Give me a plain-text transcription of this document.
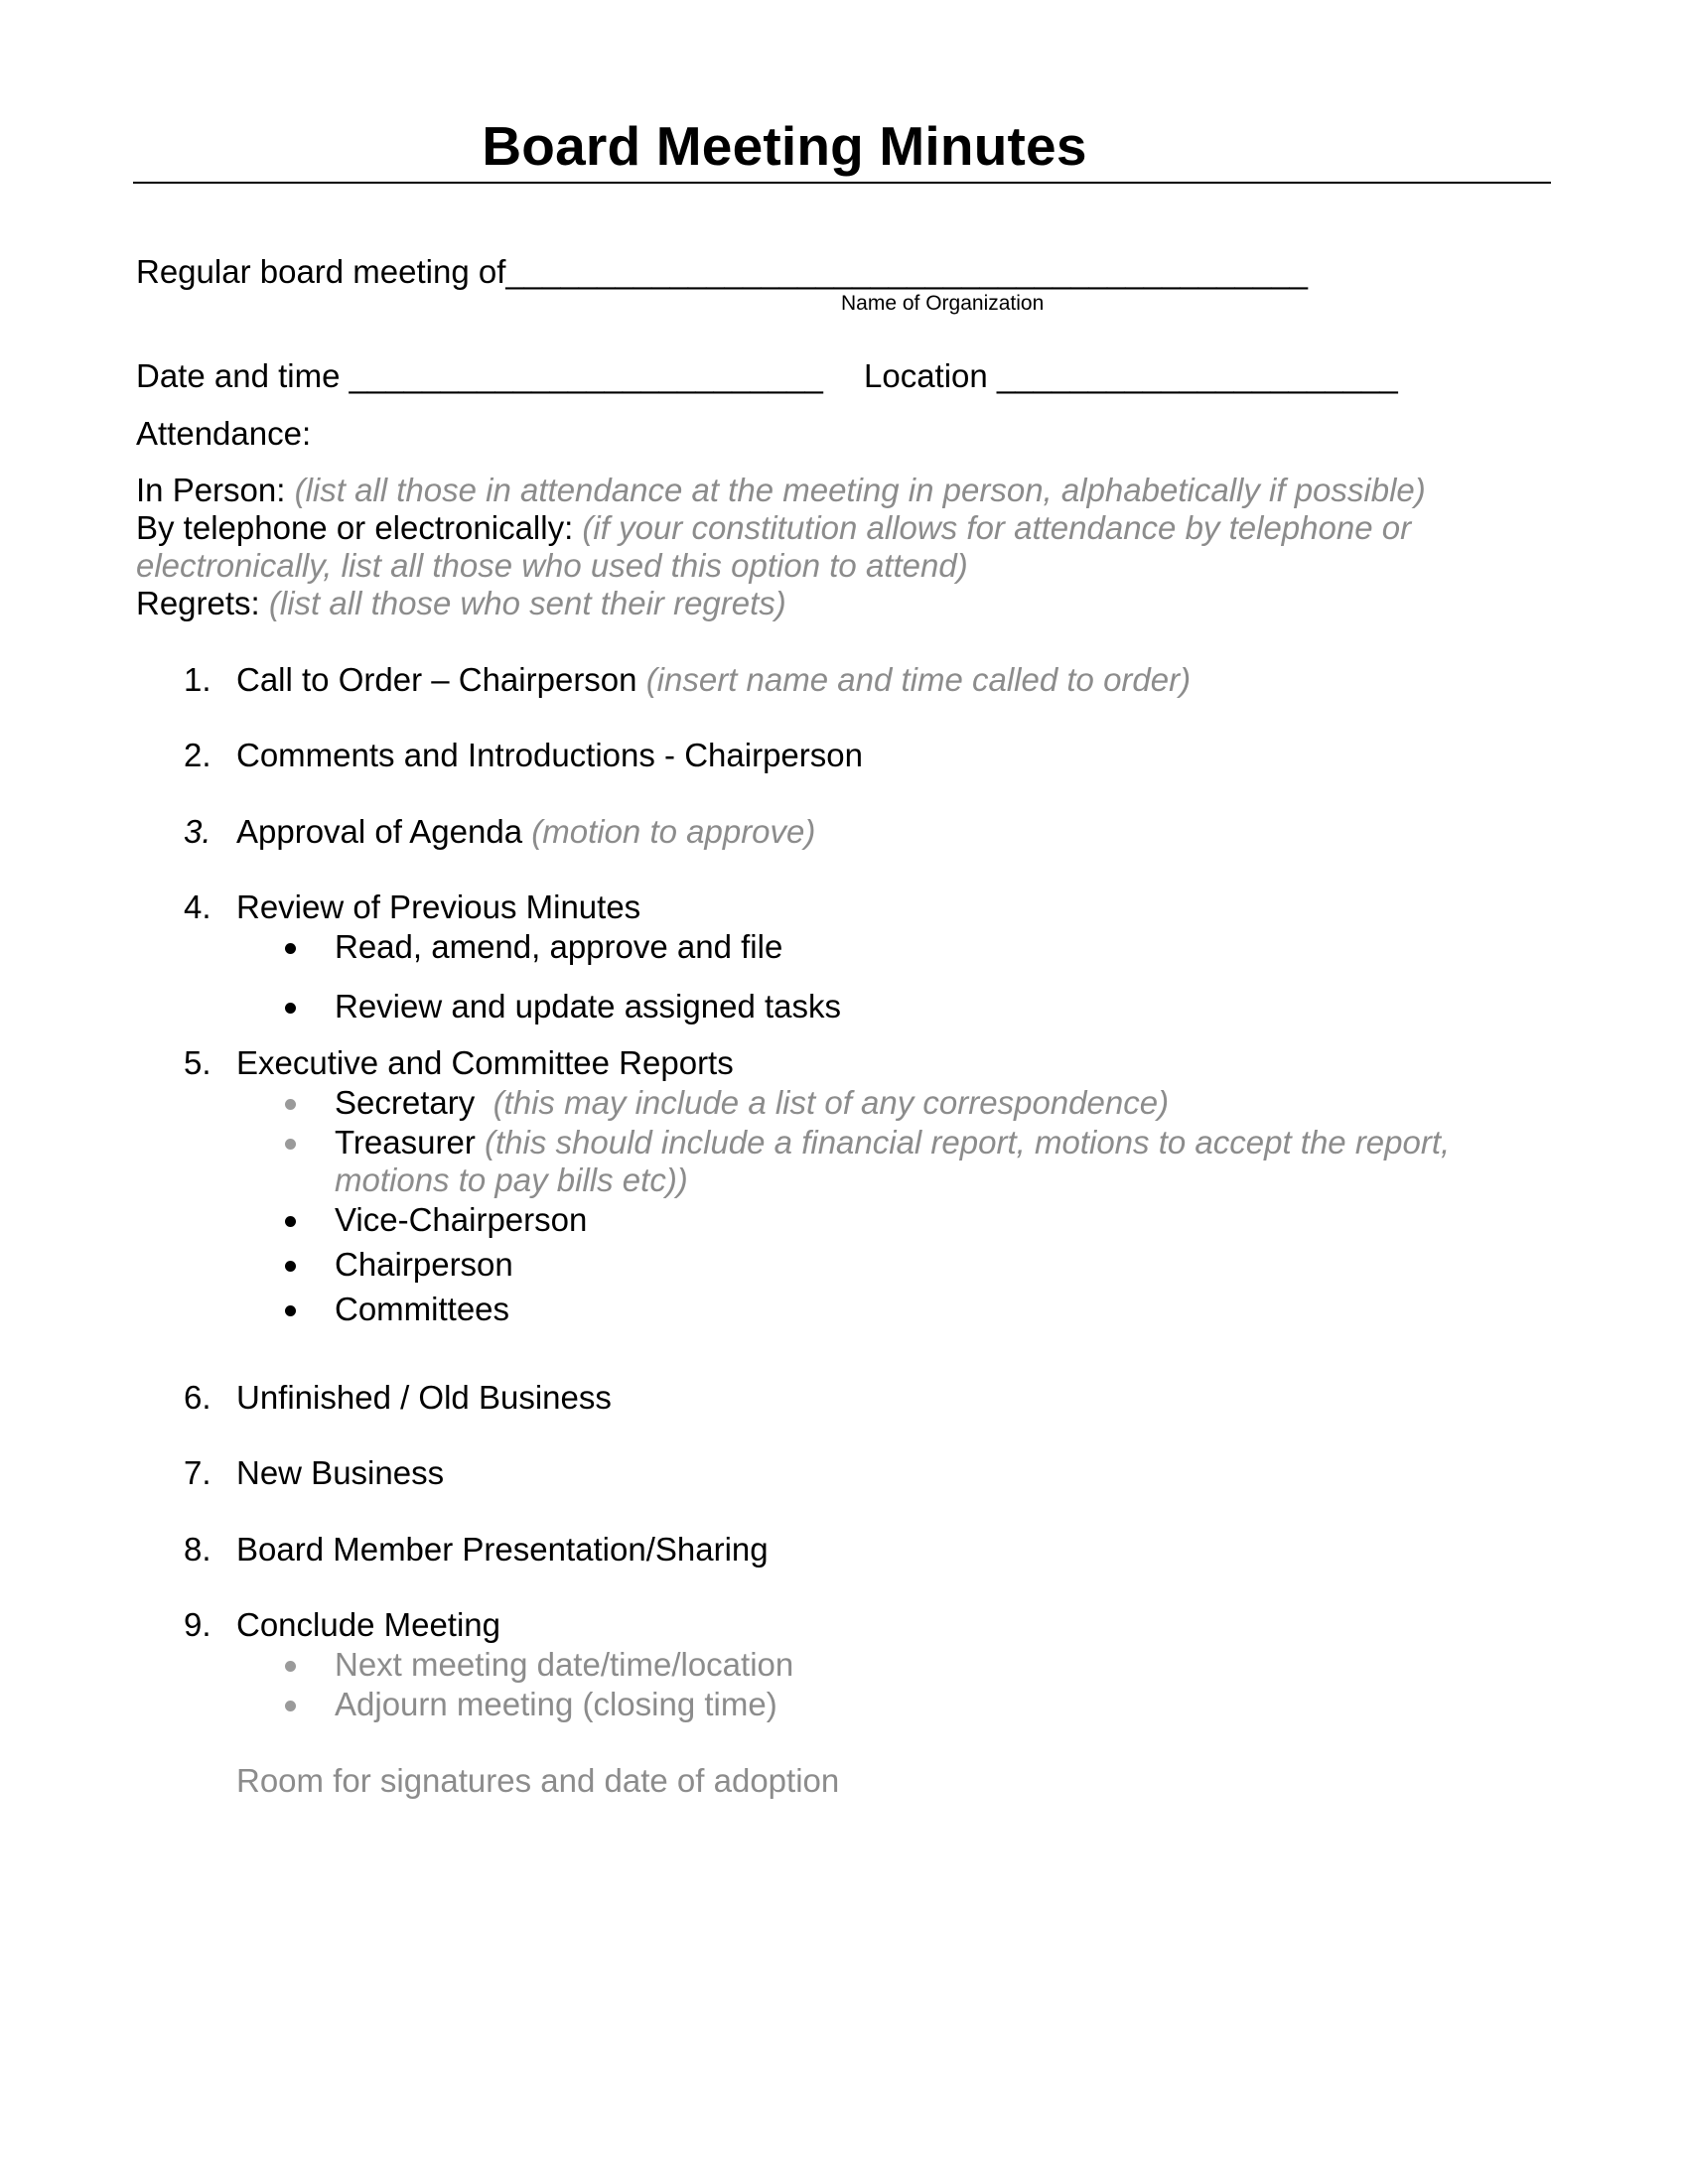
Board Meeting Minutes
Regular board meeting of____________________________________________
Name of Organization
Date and time __________________________ Location ______________________
Attendance:
In Person: (list all those in attendance at the meeting in person, alphabetically if possible)
By telephone or electronically: (if your constitution allows for attendance by telephone or
electronically, list all those who used this option to attend)
Regrets: (list all those who sent their regrets)
1. Call to Order – Chairperson (insert name and time called to order)
2. Comments and Introductions - Chairperson
3. Approval of Agenda (motion to approve)
4. Review of Previous Minutes
Read, amend, approve and file
Review and update assigned tasks
5. Executive and Committee Reports
Secretary (this may include a list of any correspondence)
Treasurer (this should include a financial report, motions to accept the report,
motions to pay bills etc))
Vice-Chairperson
Chairperson
Committees
6. Unfinished / Old Business
7. New Business
8. Board Member Presentation/Sharing
9. Conclude Meeting
Next meeting date/time/location
Adjourn meeting (closing time)
Room for signatures and date of adoption
